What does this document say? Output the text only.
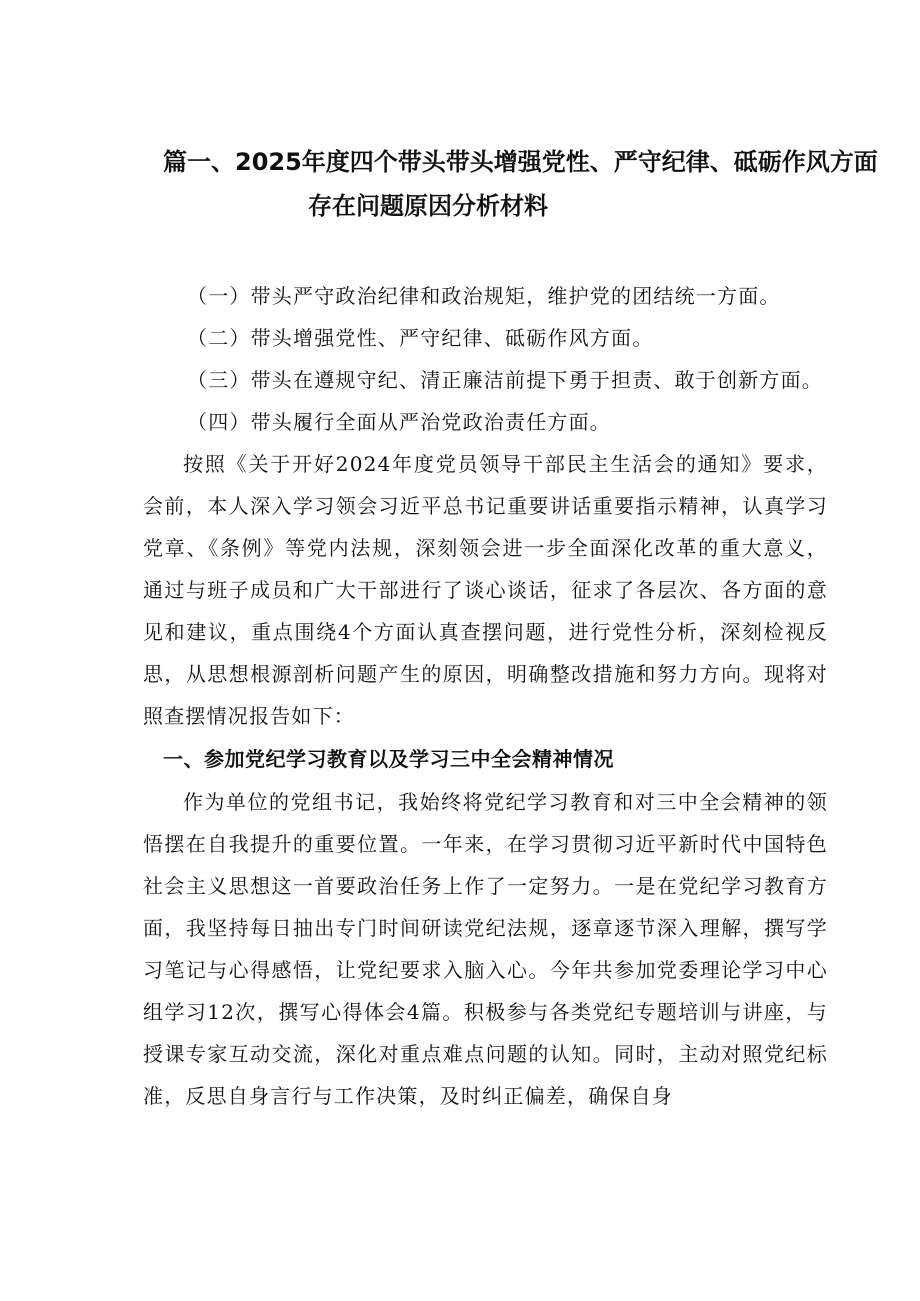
篇一、2025年度四个带头带头增强党性、严守纪律、砥砺作风方面
存在问题原因分析材料

（一）带头严守政治纪律和政治规矩，维护党的团结统一方面。

（二）带头增强党性、严守纪律、砥砺作风方面。

（三）带头在遵规守纪、清正廉洁前提下勇于担责、敢于创新方面。

（四）带头履行全面从严治党政治责任方面。

按照《关于开好2024年度党员领导干部民主生活会的通知》要求，会前，本人深入学习领会习近平总书记重要讲话重要指示精神，认真学习党章、《条例》等党内法规，深刻领会进一步全面深化改革的重大意义，通过与班子成员和广大干部进行了谈心谈话，征求了各层次、各方面的意见和建议，重点围绕4个方面认真查摆问题，进行党性分析，深刻检视反思，从思想根源剖析问题产生的原因，明确整改措施和努力方向。现将对照查摆情况报告如下：

一、参加党纪学习教育以及学习三中全会精神情况

作为单位的党组书记，我始终将党纪学习教育和对三中全会精神的领悟摆在自我提升的重要位置。一年来，在学习贯彻习近平新时代中国特色社会主义思想这一首要政治任务上作了一定努力。一是在党纪学习教育方面，我坚持每日抽出专门时间研读党纪法规，逐章逐节深入理解，撰写学习笔记与心得感悟，让党纪要求入脑入心。今年共参加党委理论学习中心组学习12次，撰写心得体会4篇。积极参与各类党纪专题培训与讲座，与授课专家互动交流，深化对重点难点问题的认知。同时，主动对照党纪标准，反思自身言行与工作决策，及时纠正偏差，确保自身
